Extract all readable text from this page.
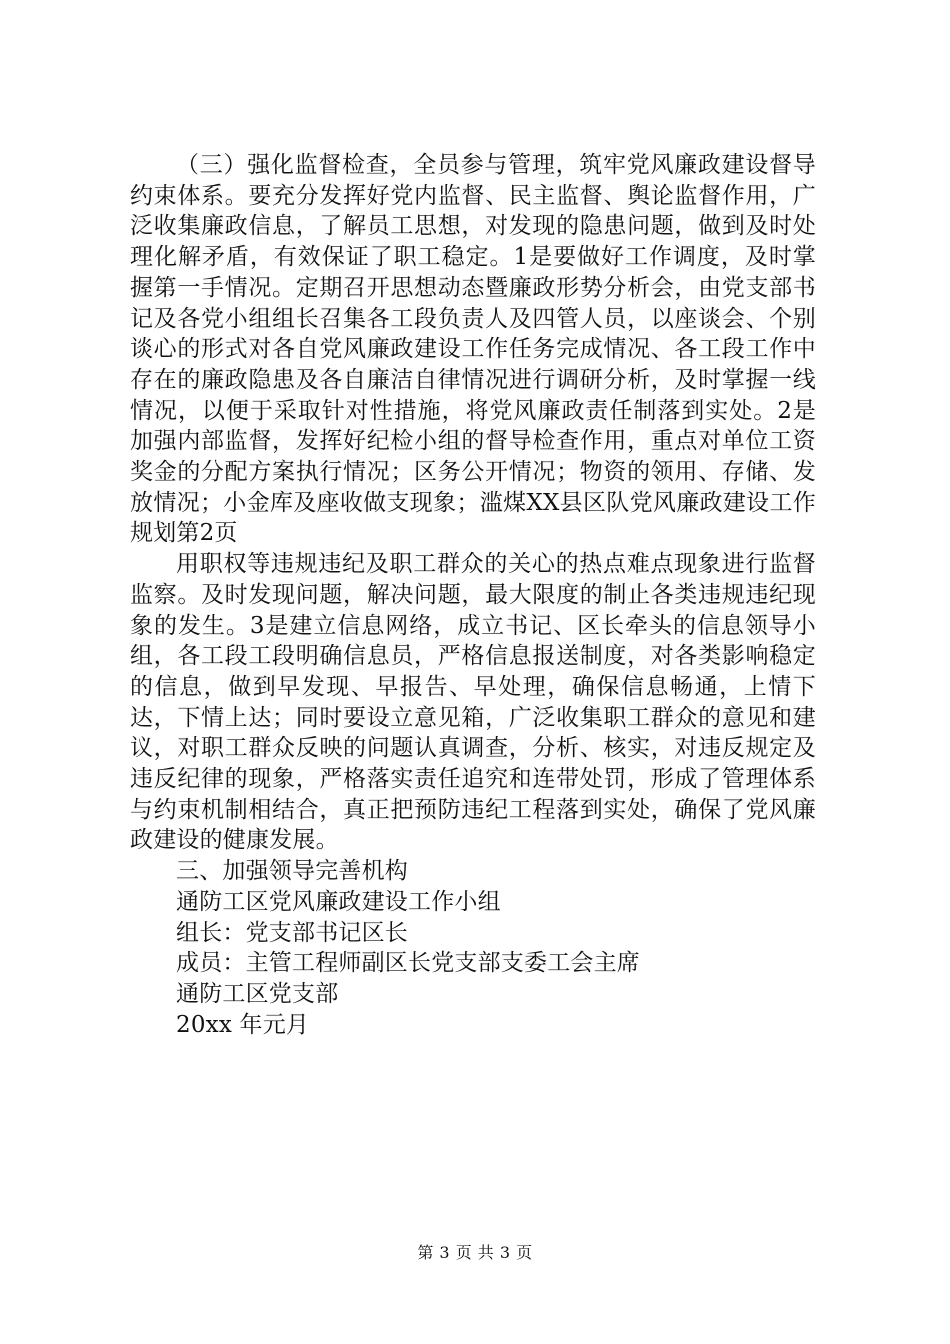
（三）强化监督检查，全员参与管理，筑牢党风廉政建设督导约束体系。要充分发挥好党内监督、民主监督、舆论监督作用，广泛收集廉政信息，了解员工思想，对发现的隐患问题，做到及时处理化解矛盾，有效保证了职工稳定。1是要做好工作调度，及时掌握第一手情况。定期召开思想动态暨廉政形势分析会，由党支部书记及各党小组组长召集各工段负责人及四管人员，以座谈会、个别谈心的形式对各自党风廉政建设工作任务完成情况、各工段工作中存在的廉政隐患及各自廉洁自律情况进行调研分析，及时掌握一线情况，以便于采取针对性措施，将党风廉政责任制落到实处。2是加强内部监督，发挥好纪检小组的督导检查作用，重点对单位工资奖金的分配方案执行情况；区务公开情况；物资的领用、存储、发放情况；小金库及座收做支现象；滥煤XX县区队党风廉政建设工作规划第2页

用职权等违规违纪及职工群众的关心的热点难点现象进行监督监察。及时发现问题，解决问题，最大限度的制止各类违规违纪现象的发生。3是建立信息网络，成立书记、区长牵头的信息领导小组，各工段工段明确信息员，严格信息报送制度，对各类影响稳定的信息，做到早发现、早报告、早处理，确保信息畅通，上情下达，下情上达；同时要设立意见箱，广泛收集职工群众的意见和建议，对职工群众反映的问题认真调查，分析、核实，对违反规定及违反纪律的现象，严格落实责任追究和连带处罚，形成了管理体系与约束机制相结合，真正把预防违纪工程落到实处，确保了党风廉政建设的健康发展。

三、加强领导完善机构

通防工区党风廉政建设工作小组

组长：党支部书记区长

成员：主管工程师副区长党支部支委工会主席

通防工区党支部

20xx 年元月

第 3 页 共 3 页
